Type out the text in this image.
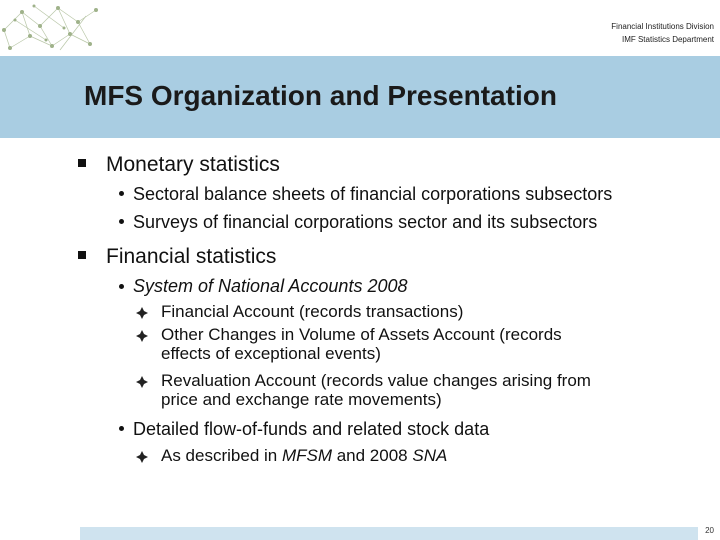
Financial Institutions Division
IMF Statistics Department
MFS Organization and Presentation
Monetary statistics
Sectoral balance sheets of financial corporations subsectors
Surveys of financial corporations sector and its subsectors
Financial statistics
System of National Accounts 2008
Financial Account (records transactions)
Other Changes in Volume of Assets Account (records
effects of exceptional events)
Revaluation Account (records value changes arising from
price and exchange rate movements)
Detailed flow-of-funds and related stock data
As described in MFSM and 2008 SNA
20
